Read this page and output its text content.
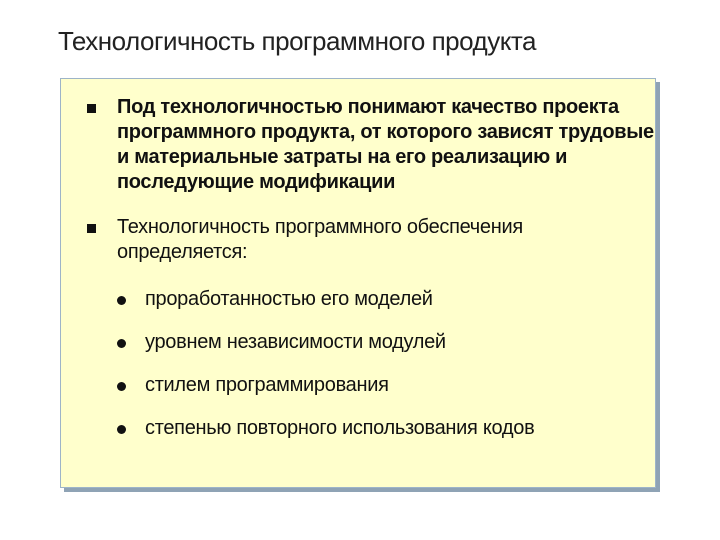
Технологичность программного продукта
Под технологичностью понимают качество проекта программного продукта, от которого зависят трудовые и материальные затраты на его реализацию и последующие модификации
Технологичность программного обеспечения определяется:
проработанностью его моделей
уровнем независимости модулей
стилем программирования
степенью повторного использования кодов
